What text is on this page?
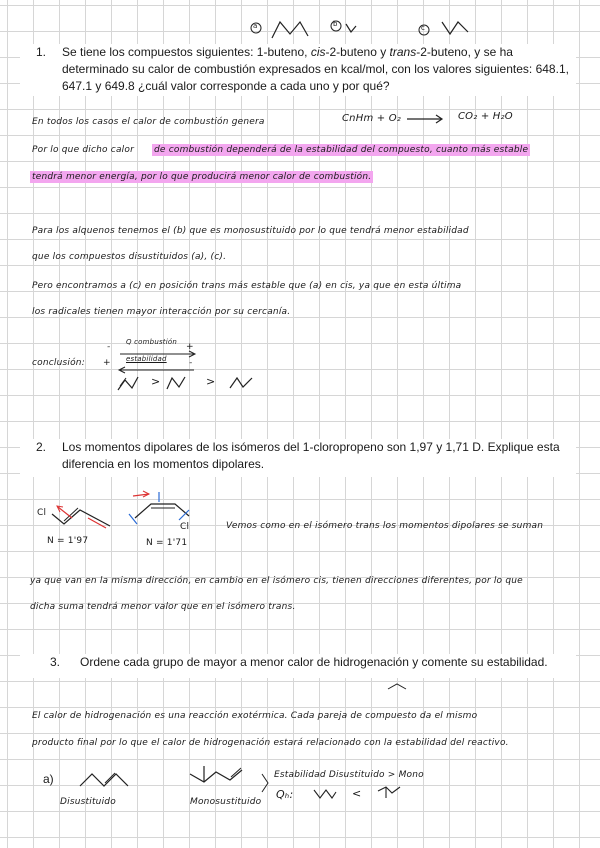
a	b	c
1.	Se tiene los compuestos siguientes: 1-buteno, cis-2-buteno y trans-2-buteno, y se ha determinado su calor de combustión expresados en kcal/mol, con los valores siguientes: 648.1, 647.1 y 649.8 ¿cuál valor corresponde a cada uno y por qué?
En todos los casos el calor de combustión genera	CnHm + O₂ → CO₂ + H₂O
Por lo que dicho calor de combustión dependerá de la estabilidad del compuesto, cuanto más estable
tendrá menor energía, por lo que producirá menor calor de combustión.
Para los alquenos tenemos el (b) que es monosustituido por lo que tendrá menor estabilidad
que los compuestos disustituidos (a), (c).
Pero encontramos a (c) en posición trans más estable que (a) en cis, ya que en esta última
los radicales tienen mayor interacción por su cercanía.
conclusión:
- Q combustión +
+ estabilidad -
>	>
2.	Los momentos dipolares de los isómeros del 1-cloropropeno son 1,97 y 1,71 D. Explique esta diferencia en los momentos dipolares.
Cl
N = 1'97
Cl
N = 1'71
Vemos como en el isómero trans los momentos dipolares se suman
ya que van en la misma dirección, en cambio en el isómero cis, tienen direcciones diferentes, por lo que
dicha suma tendrá menor valor que en el isómero trans.
3.	Ordene cada grupo de mayor a menor calor de hidrogenación y comente su estabilidad.
El calor de hidrogenación es una reacción exotérmica. Cada pareja de compuesto da el mismo
producto final por lo que el calor de hidrogenación estará relacionado con la estabilidad del reactivo.
a)
Disustituido	Monosustituido
Estabilidad Disustituido > Mono
Qₕ:	<
